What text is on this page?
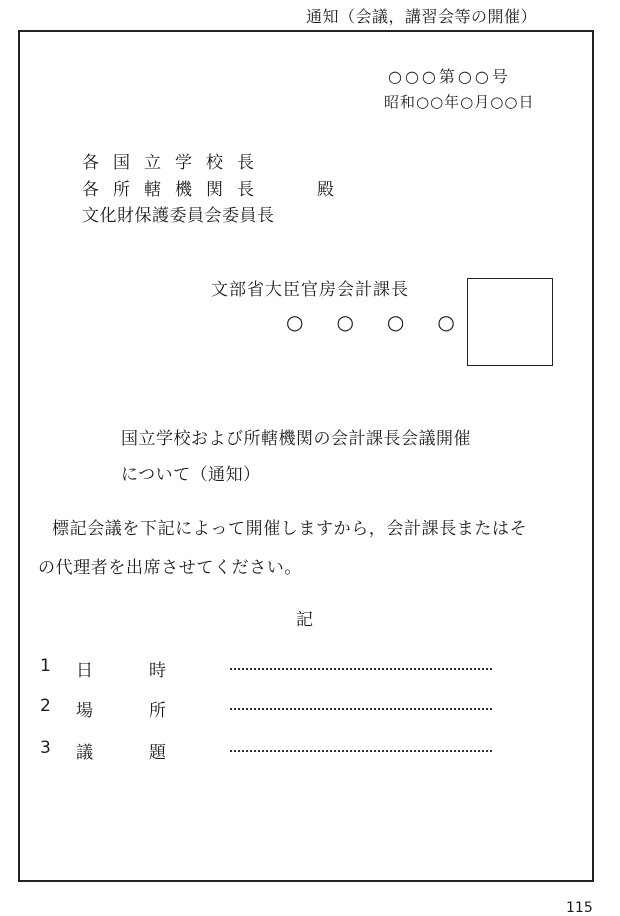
通知（会議，講習会等の開催）
○○○第○○号
昭和○○年○月○○日
各国立学校長
各所轄機関長
文化財保護委員会委員長
殿
文部省大臣官房会計課長
○○○○
国立学校および所轄機関の会計課長会議開催
について（通知）
標記会議を下記によって開催しますから，会計課長またはそ
の代理者を出席させてください。
記
1 日	時
2 場	所
3 議	題
115
